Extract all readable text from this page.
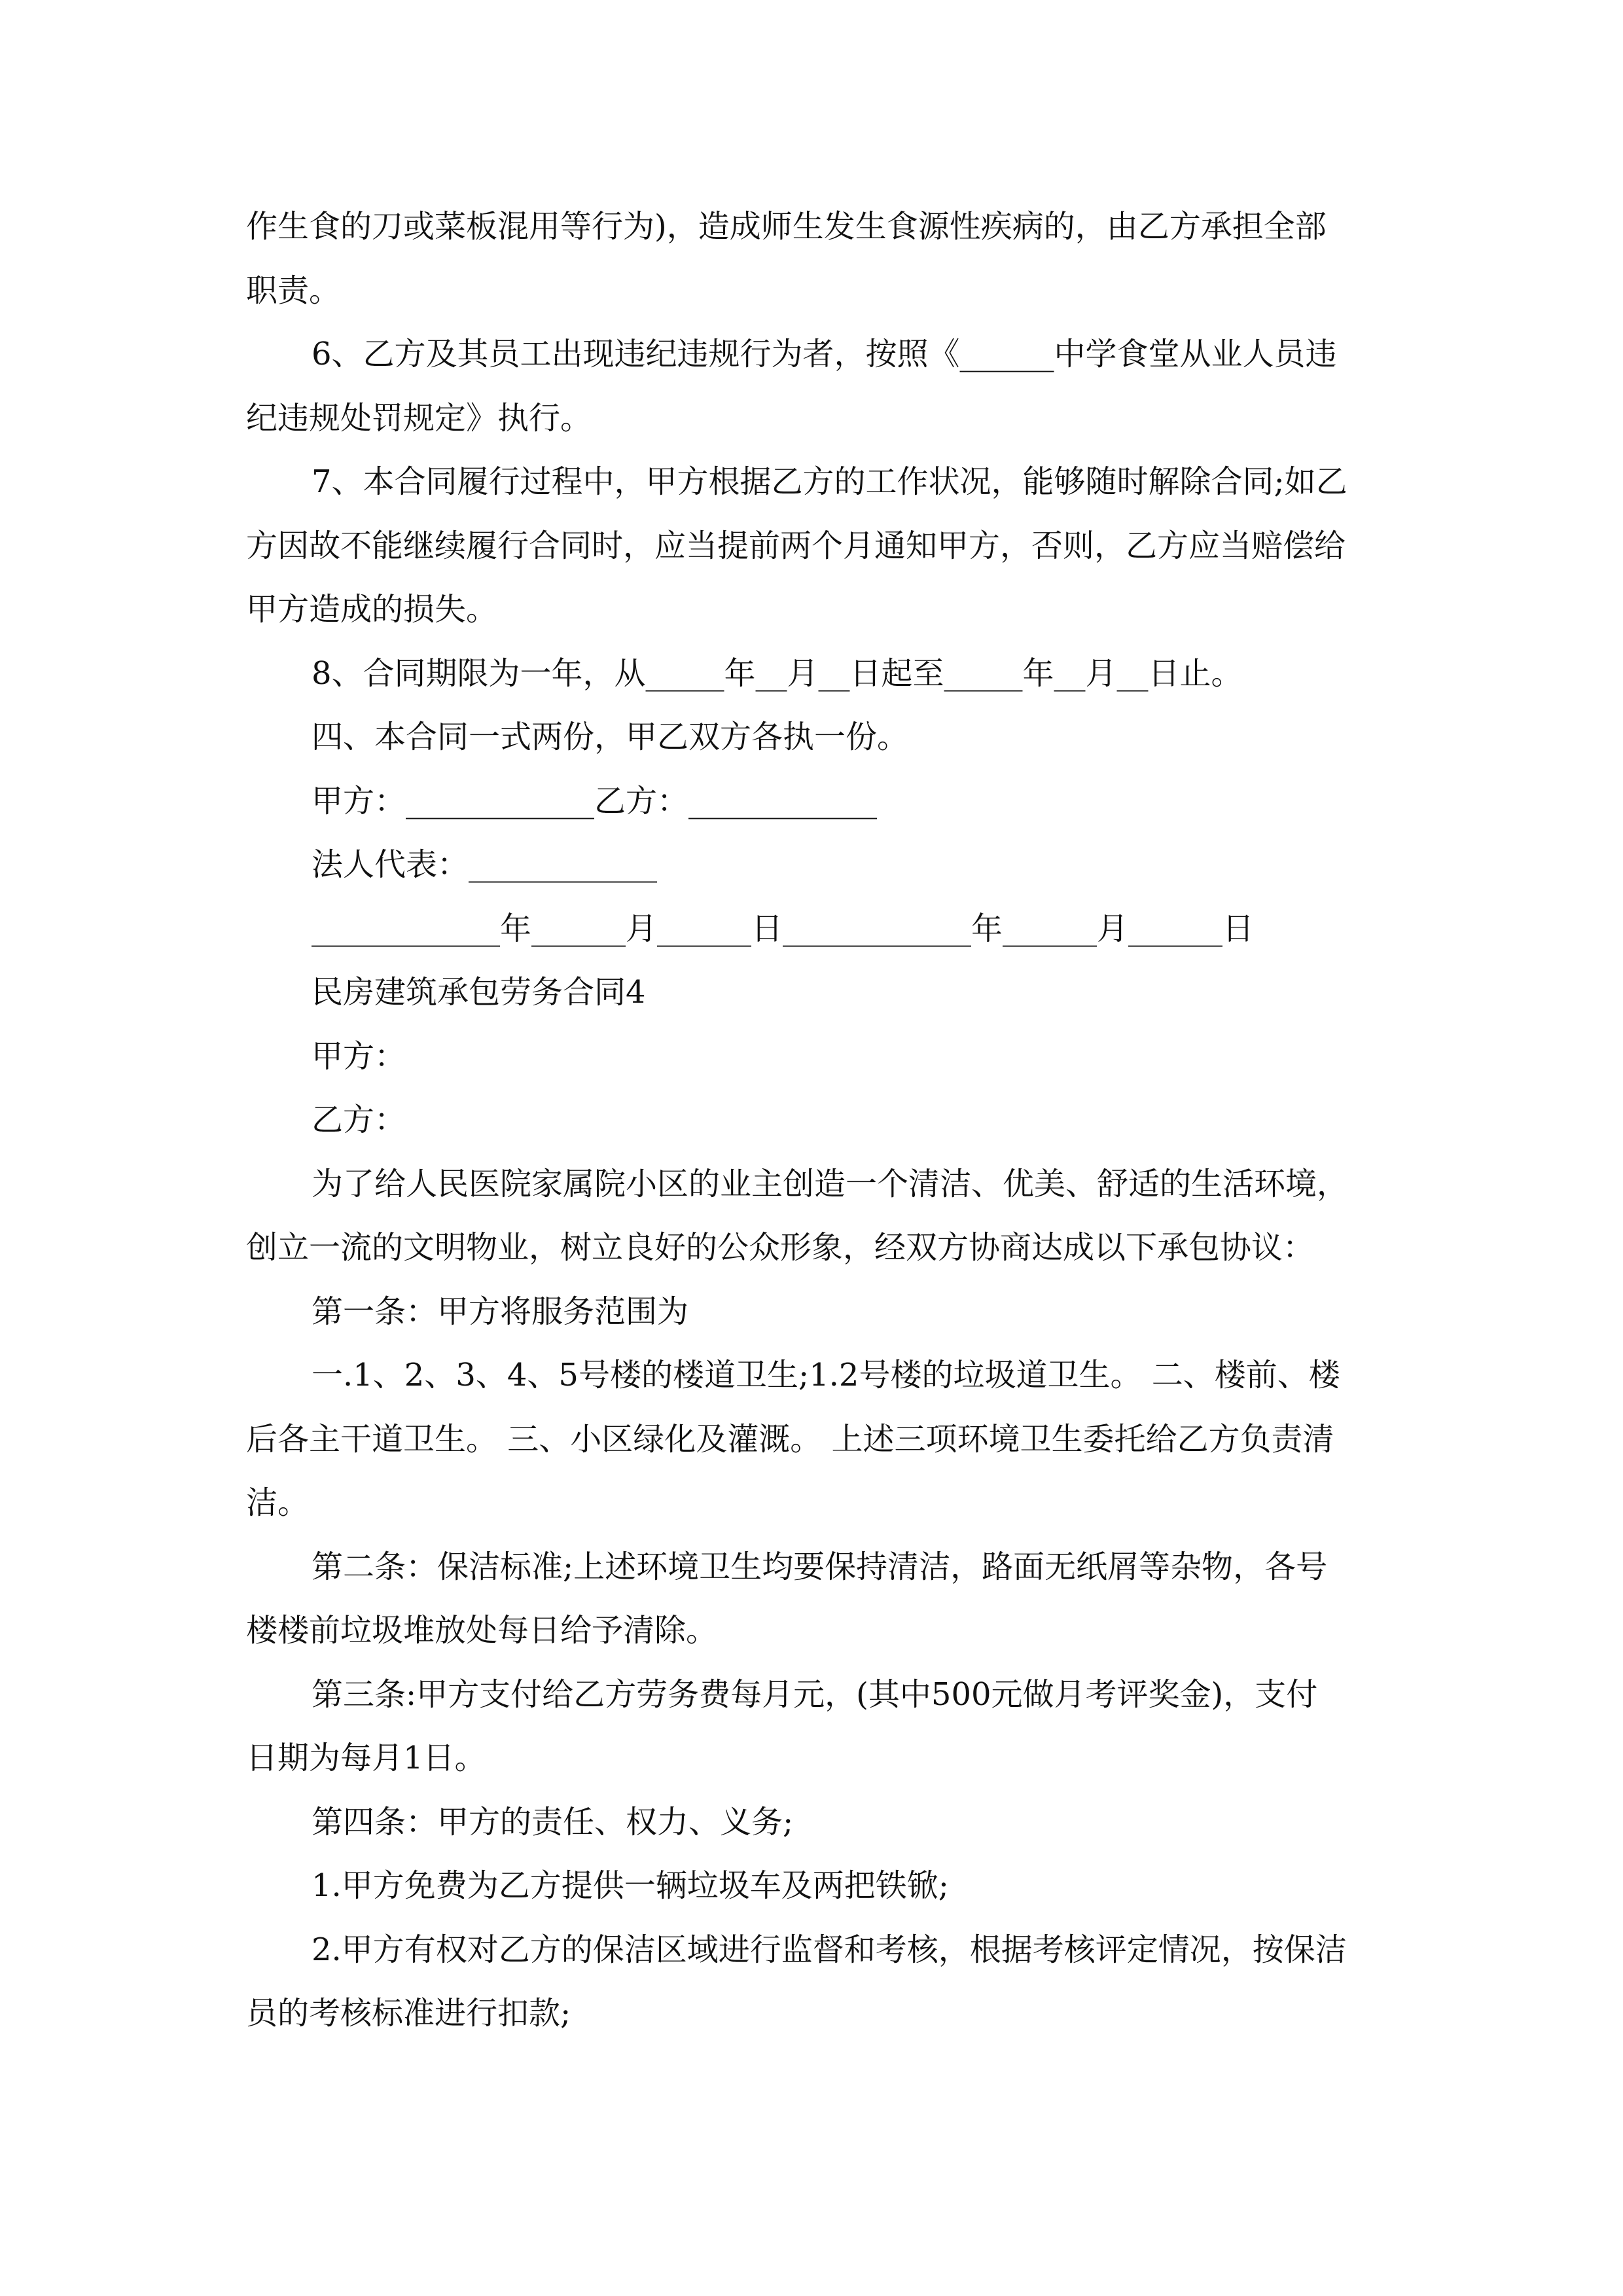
作生食的刀或菜板混用等行为)，造成师生发生食源性疾病的，由乙方承担全部
职责。
6、乙方及其员工出现违纪违规行为者，按照《______中学食堂从业人员违
纪违规处罚规定》执行。
7、本合同履行过程中，甲方根据乙方的工作状况，能够随时解除合同;如乙
方因故不能继续履行合同时，应当提前两个月通知甲方，否则，乙方应当赔偿给
甲方造成的损失。
8、合同期限为一年，从_____年__月__日起至_____年__月__日止。
四、本合同一式两份，甲乙双方各执一份。
甲方：____________乙方：____________
法人代表：____________
____________年______月______日____________年______月______日
民房建筑承包劳务合同4
甲方：
乙方：
为了给人民医院家属院小区的业主创造一个清洁、优美、舒适的生活环境，
创立一流的文明物业，树立良好的公众形象，经双方协商达成以下承包协议：
第一条：甲方将服务范围为
一.1、2、3、4、5号楼的楼道卫生;1.2号楼的垃圾道卫生。 二、楼前、楼
后各主干道卫生。 三、小区绿化及灌溉。 上述三项环境卫生委托给乙方负责清
洁。
第二条：保洁标准;上述环境卫生均要保持清洁，路面无纸屑等杂物，各号
楼楼前垃圾堆放处每日给予清除。
第三条:甲方支付给乙方劳务费每月元，(其中500元做月考评奖金)，支付
日期为每月1日。
第四条：甲方的责任、权力、义务;
1.甲方免费为乙方提供一辆垃圾车及两把铁锨;
2.甲方有权对乙方的保洁区域进行监督和考核，根据考核评定情况，按保洁
员的考核标准进行扣款;
